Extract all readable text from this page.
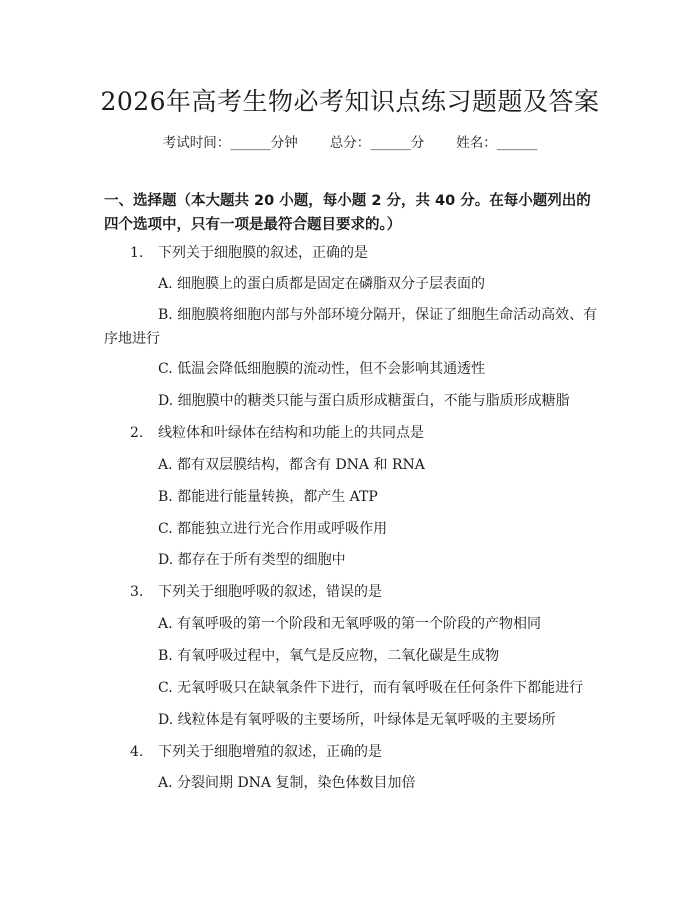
2026年高考生物必考知识点练习题题及答案
考试时间：______分钟 总分：______分 姓名：______
一、选择题（本大题共 20 小题，每小题 2 分，共 40 分。在每小题列出的四个选项中，只有一项是最符合题目要求的。）
1. 下列关于细胞膜的叙述，正确的是
A. 细胞膜上的蛋白质都是固定在磷脂双分子层表面的
B. 细胞膜将细胞内部与外部环境分隔开，保证了细胞生命活动高效、有序地进行
C. 低温会降低细胞膜的流动性，但不会影响其通透性
D. 细胞膜中的糖类只能与蛋白质形成糖蛋白，不能与脂质形成糖脂
2. 线粒体和叶绿体在结构和功能上的共同点是
A. 都有双层膜结构，都含有 DNA 和 RNA
B. 都能进行能量转换，都产生 ATP
C. 都能独立进行光合作用或呼吸作用
D. 都存在于所有类型的细胞中
3. 下列关于细胞呼吸的叙述，错误的是
A. 有氧呼吸的第一个阶段和无氧呼吸的第一个阶段的产物相同
B. 有氧呼吸过程中，氧气是反应物，二氧化碳是生成物
C. 无氧呼吸只在缺氧条件下进行，而有氧呼吸在任何条件下都能进行
D. 线粒体是有氧呼吸的主要场所，叶绿体是无氧呼吸的主要场所
4. 下列关于细胞增殖的叙述，正确的是
A. 分裂间期 DNA 复制，染色体数目加倍
